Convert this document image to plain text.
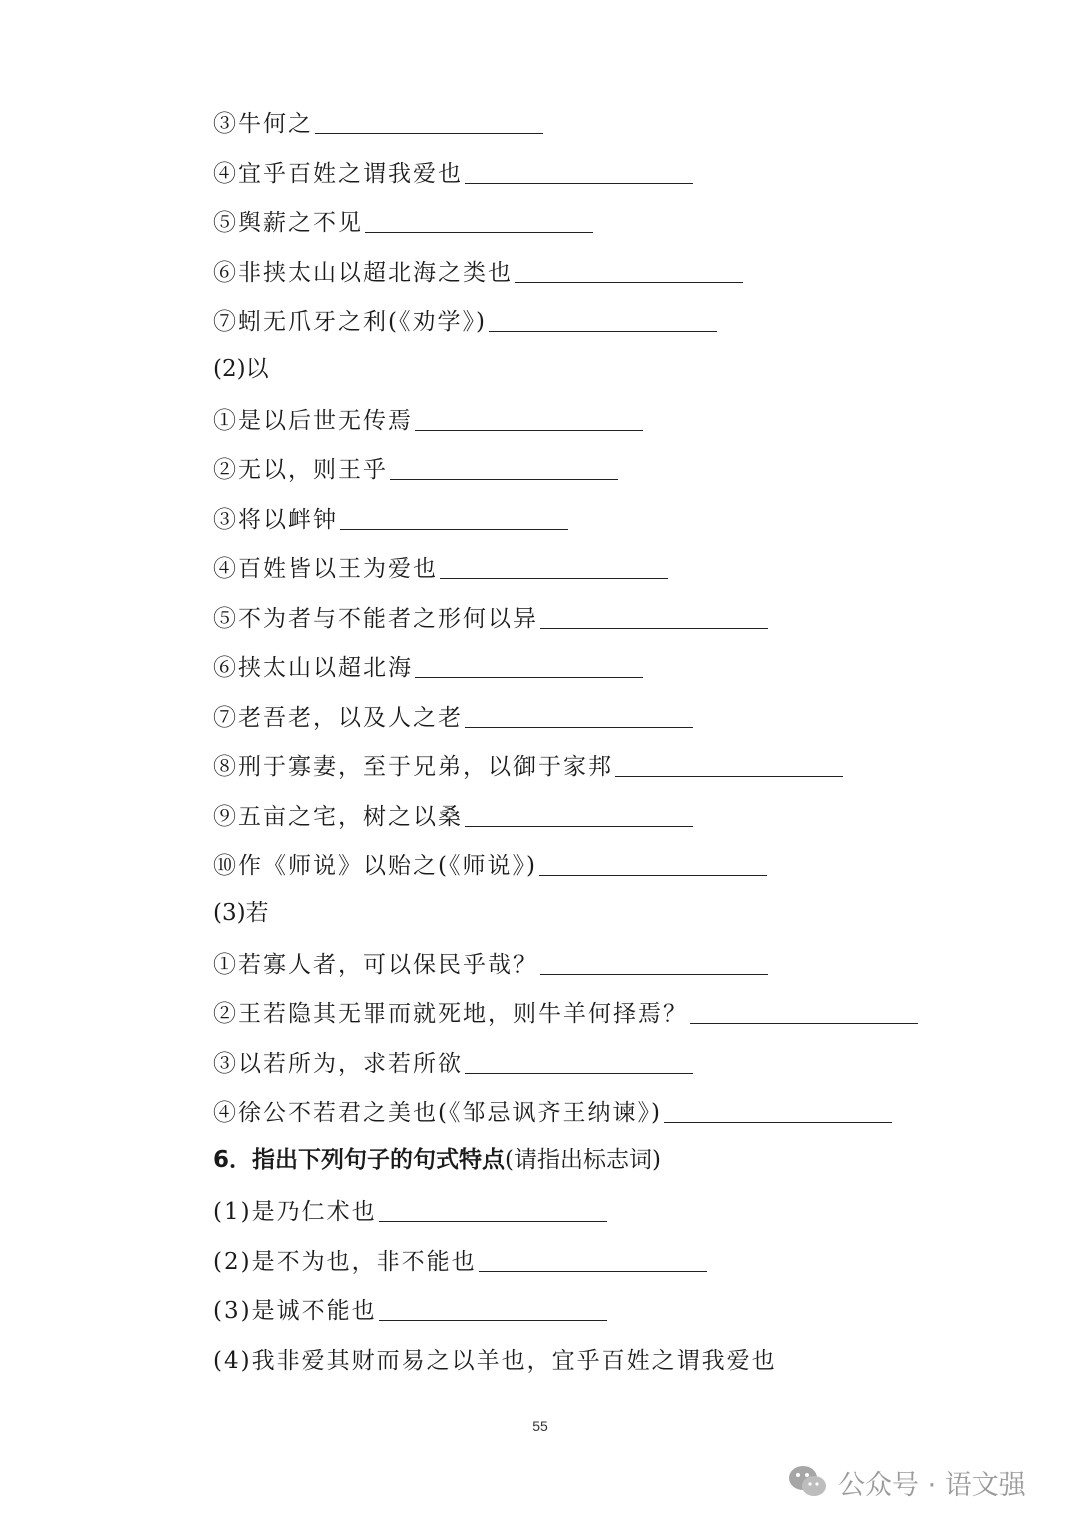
③牛何之
④宜乎百姓之谓我爱也
⑤舆薪之不见
⑥非挟太山以超北海之类也
⑦蚓无爪牙之利(《劝学》)
(2)以
①是以后世无传焉
②无以，则王乎
③将以衅钟
④百姓皆以王为爱也
⑤不为者与不能者之形何以异
⑥挟太山以超北海
⑦老吾老，以及人之老
⑧刑于寡妻，至于兄弟，以御于家邦
⑨五亩之宅，树之以桑
⑩作《师说》以贻之(《师说》)
(3)若
①若寡人者，可以保民乎哉？
②王若隐其无罪而就死地，则牛羊何择焉？
③以若所为，求若所欲
④徐公不若君之美也(《邹忌讽齐王纳谏》)
6．指出下列句子的句式特点(请指出标志词)
(1)是乃仁术也
(2)是不为也，非不能也
(3)是诚不能也
(4)我非爱其财而易之以羊也，宜乎百姓之谓我爱也
55
公众号 · 语文强
